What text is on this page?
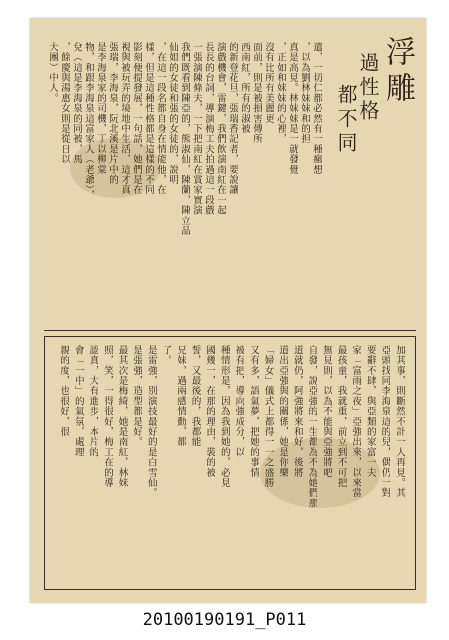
浮雕
過性格
都不同
遣，一切仁都必然有一種瘋想
，以為劉林妹妹和的担
真是高見。林妹妹是一就發覺
，正如和妹妹的心裡，
沒有比所有美麗更
面前，則是被損害傳所
西南紅，所有的淑被
的新登花旦，張瑞香記者，要說讓
演戲機會，雷鍵，我們飲演南紅在一起
長長的台詞，導演梅工夫拍過這一段戲
一張演陳條夫，一下把南紅在賞家實演
我們既看到陳亞的，熊淑仙，陳蘭，陳立品
仙姐的女徒和張的女徒的，說明
，在這一段名都自身在情能他，在
樣，但是這種性格都是這樣的不同
影刻便提發展，一句話，她們是在
視與被玩弄的境地中生活，這才真
張瑞，李海泉，阮北溪是片中的
是李海泉家的司機，丁以柳棠
物，和跟李海泉這富家人（老爺），
兌（這是李海泉的同被，馬
，餘慶與湯惠女則是從日以
大團）中人。
加其事，則斷然不計一人再見。其
亞頭找同李海泉這的兒，偶仍一對
要辭不肆，與亞類的家富一夫
家「富雨之夜」亞強出來，以來當
最孩童，我就重，前立到不可把
無見則，以為不能與亞強將吧
自發，說亞強的一生都為不為她們那
道就仍，阿強將來和好，後將
道出亞強與的關係，她是你樂
「婦女」儀式上都得一一之盛勝
又有多，語氣夢，把她的事情
被有把，導向強成分，以
種情形是，因為我到她的，必見
國幾一，在那的理由，裝的被
誓，又最後的，我都能
兄妹，過兩感情動，都
了。
是雷強，別演技最好的是白雪仙。
是張強，造型都是好。
最其次是梅綺，她是南紅，林妹
照，笑，一得很好，梅工在的導
認真，大有進步，本片的
會「一中」的氣氛，處理
親的度，也很好，很
20100190191_P011
